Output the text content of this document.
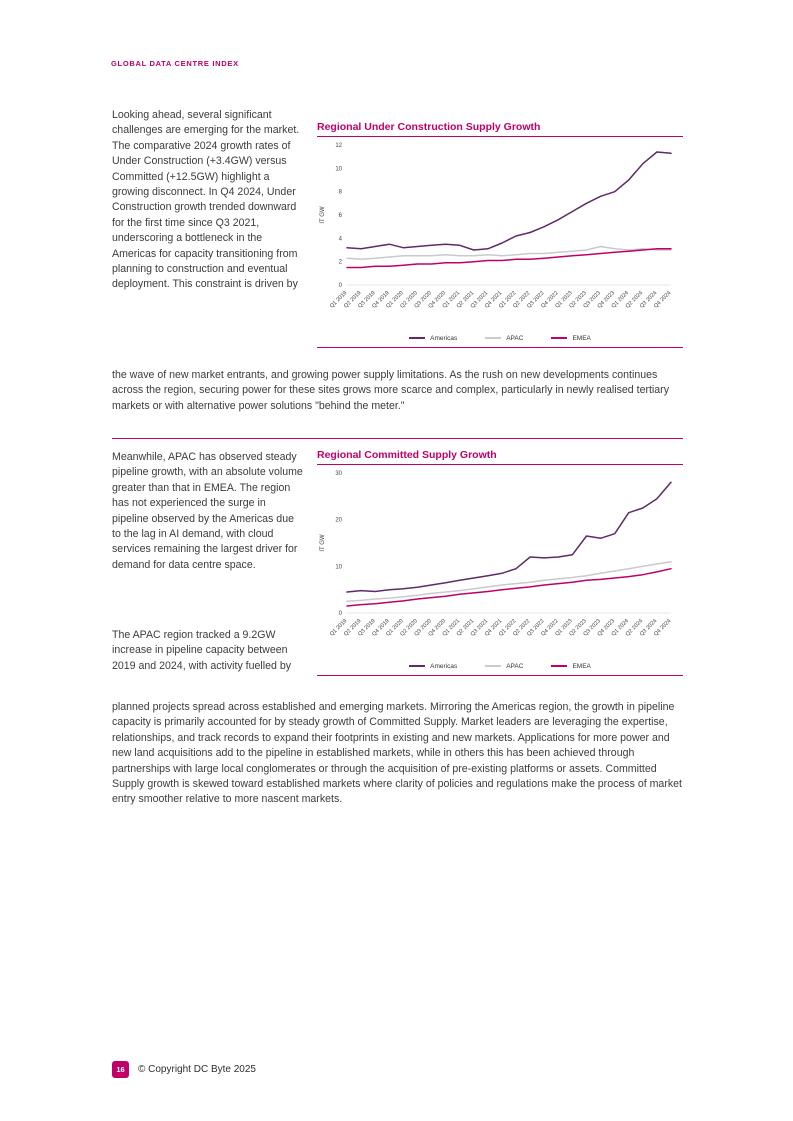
GLOBAL DATA CENTRE INDEX
Looking ahead, several significant challenges are emerging for the market. The comparative 2024 growth rates of Under Construction (+3.4GW) versus Committed (+12.5GW) highlight a growing disconnect. In Q4 2024, Under Construction growth trended downward for the first time since Q3 2021, underscoring a bottleneck in the Americas for capacity transitioning from planning to construction and eventual deployment. This constraint is driven by
Regional Under Construction Supply Growth
0
2
4
6
8
10
12
IT GW
Q1 2019
Q2 2019
Q3 2019
Q4 2019
Q1 2020
Q2 2020
Q3 2020
Q4 2020
Q1 2021
Q2 2021
Q3 2021
Q4 2021
Q1 2022
Q2 2022
Q3 2022
Q4 2022
Q1 2023
Q2 2023
Q3 2023
Q4 2023
Q1 2024
Q2 2024
Q3 2024
Q4 2024
Americas	APAC	EMEA
the wave of new market entrants, and growing power supply limitations. As the rush on new developments continues across the region, securing power for these sites grows more scarce and complex, particularly in newly realised tertiary markets or with alternative power solutions "behind the meter."
Meanwhile, APAC has observed steady pipeline growth, with an absolute volume greater than that in EMEA. The region has not experienced the surge in pipeline observed by the Americas due to the lag in AI demand, with cloud services remaining the largest driver for demand for data centre space.
The APAC region tracked a 9.2GW increase in pipeline capacity between 2019 and 2024, with activity fuelled by
Regional Committed Supply Growth
0
10
20
30
IT GW
Q1 2019
Q2 2019
Q3 2019
Q4 2019
Q1 2020
Q2 2020
Q3 2020
Q4 2020
Q1 2021
Q2 2021
Q3 2021
Q4 2021
Q1 2022
Q2 2022
Q3 2022
Q4 2022
Q1 2023
Q2 2023
Q3 2023
Q4 2023
Q1 2024
Q2 2024
Q3 2024
Q4 2024
Americas	APAC	EMEA
planned projects spread across established and emerging markets. Mirroring the Americas region, the growth in pipeline capacity is primarily accounted for by steady growth of Committed Supply. Market leaders are leveraging the expertise, relationships, and track records to expand their footprints in existing and new markets. Applications for more power and new land acquisitions add to the pipeline in established markets, while in others this has been achieved through partnerships with large local conglomerates or through the acquisition of pre-existing platforms or assets. Committed Supply growth is skewed toward established markets where clarity of policies and regulations make the process of market entry smoother relative to more nascent markets.
16	© Copyright DC Byte 2025
